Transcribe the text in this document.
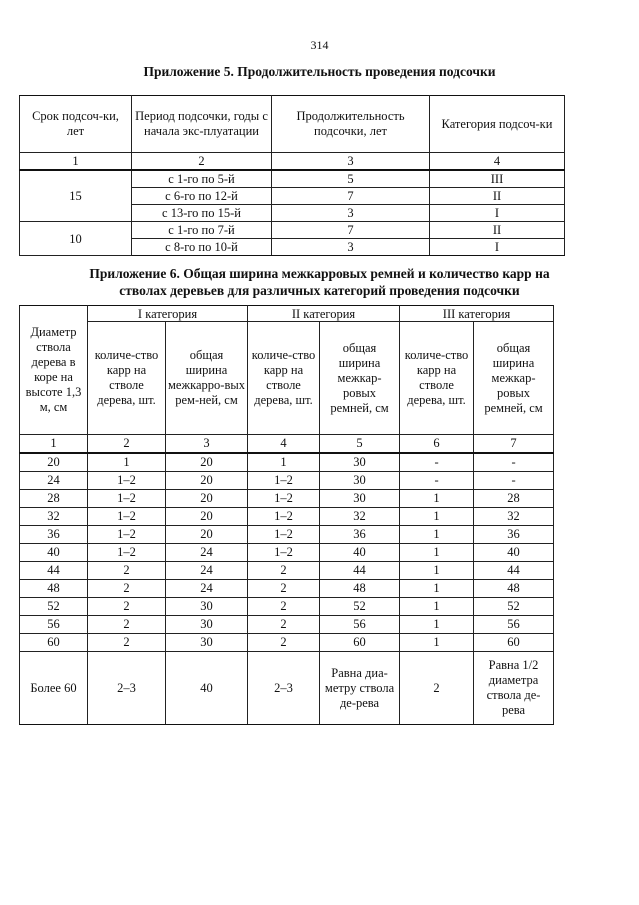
314
Приложение 5. Продолжительность проведения подсочки
Срок подсоч-ки, лет	Период подсочки, годы с начала экс-плуатации	Продолжительность подсочки, лет	Категория подсоч-ки
1	2	3	4
15	с 1-го по 5-й	5	III
	с 6-го по 12-й	7	II
	с 13-го по 15-й	3	I
10	с 1-го по 7-й	7	II
	с 8-го по 10-й	3	I
Приложение 6. Общая ширина межкарровых ремней и количество карр на
стволах деревьев для различных категорий проведения подсочки
Диаметр ствола дерева в коре на высоте 1,3 м, см	I категория		II категория		III категория	
	количе-ство карр на стволе дерева, шт.	общая ширина межкарро-вых рем-ней, см	количе-ство карр на стволе дерева, шт.	общая ширина межкар-ровых ремней, см	количе-ство карр на стволе дерева, шт.	общая ширина межкар-ровых ремней, см
1	2	3	4	5	6	7
20	1	20	1	30	-	-
24	1–2	20	1–2	30	-	-
28	1–2	20	1–2	30	1	28
32	1–2	20	1–2	32	1	32
36	1–2	20	1–2	36	1	36
40	1–2	24	1–2	40	1	40
44	2	24	2	44	1	44
48	2	24	2	48	1	48
52	2	30	2	52	1	52
56	2	30	2	56	1	56
60	2	30	2	60	1	60
Более 60	2–3	40	2–3	Равна диа-метру ствола де-рева	2	Равна 1/2 диаметра ствола де-рева
